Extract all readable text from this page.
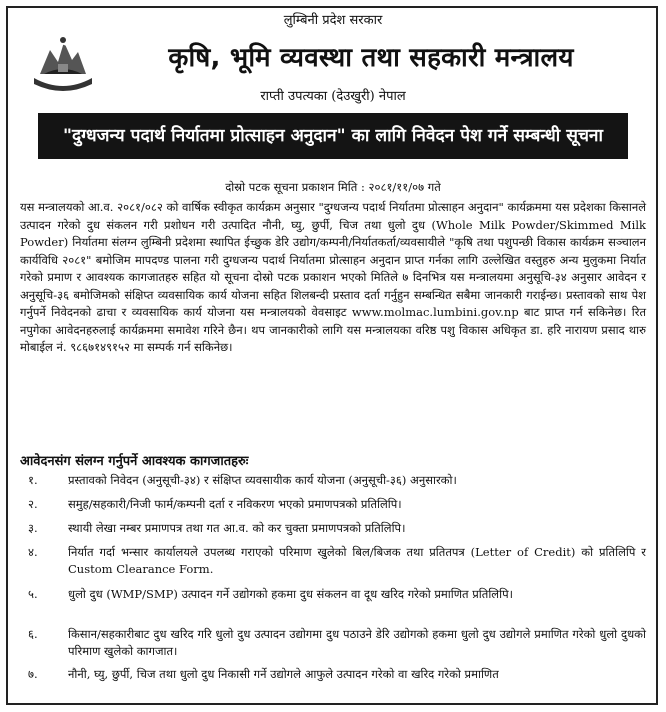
लुम्बिनी प्रदेश सरकार
कृषि, भूमि व्यवस्था तथा सहकारी मन्त्रालय
राप्ती उपत्यका (देउखुरी) नेपाल
"दुग्धजन्य पदार्थ निर्यातमा प्रोत्साहन अनुदान" का लागि निवेदन पेश गर्ने सम्बन्धी सूचना
दोस्रो पटक सूचना प्रकाशन मिति : २०८१/११/०७ गते

यस मन्त्रालयको आ.व. २०८१/०८२ को वार्षिक स्वीकृत कार्यक्रम अनुसार "दुग्धजन्य पदार्थ निर्यातमा प्रोत्साहन अनुदान" कार्यक्रममा यस प्रदेशका किसानले उत्पादन गरेको दुध संकलन गरी प्रशोधन गरी उत्पादित नौनी, घ्यु, छुर्पी, चिज तथा धुलो दुध (Whole Milk Powder/Skimmed Milk Powder) निर्यातमा संलग्न लुम्बिनी प्रदेशमा स्थापित ईच्छुक डेरि उद्योग/कम्पनी/निर्यातकर्ता/व्यवसायीले "कृषि तथा पशुपन्छी विकास कार्यक्रम सञ्चालन कार्यविधि २०८१" बमोजिम मापदण्ड पालना गरी दुग्धजन्य पदार्थ निर्यातमा प्रोत्साहन अनुदान प्राप्त गर्नका लागि उल्लेखित वस्तुहरु अन्य मुलुकमा निर्यात गरेको प्रमाण र आवश्यक कागजातहरु सहित यो सूचना दोस्रो पटक प्रकाशन भएको मितिले ७ दिनभित्र यस मन्त्रालयमा अनुसूचि-३४ अनुसार आवेदन र अनुसूचि-३६ बमोजिमको संक्षिप्त व्यवसायिक कार्य योजना सहित शिलबन्दी प्रस्ताव दर्ता गर्नुहुन सम्बन्धित सबैमा जानकारी गराईन्छ। प्रस्तावको साथ पेश गर्नुपर्ने निवेदनको ढाचा र व्यवसायिक कार्य योजना यस मन्त्रालयको वेवसाइट www.molmac.lumbini.gov.np बाट प्राप्त गर्न सकिनेछ। रित नपुगेका आवेदनहरुलाई कार्यक्रममा समावेश गरिने छैन। थप जानकारीको लागि यस मन्त्रालयका वरिष्ठ पशु विकास अधिकृत डा. हरि नारायण प्रसाद थारु मोबाईल नं. ९८६७१४९१५२ मा सम्पर्क गर्न सकिनेछ।

आवेदनसंग संलग्न गर्नुपर्ने आवश्यक कागजातहरुः
१.	प्रस्तावको निवेदन (अनुसूची-३४) र संक्षिप्त व्यवसायीक कार्य योजना (अनुसूची-३६) अनुसारको।
२.	समुह/सहकारी/निजी फार्म/कम्पनी दर्ता र नविकरण भएको प्रमाणपत्रको प्रतिलिपि।
३.	स्थायी लेखा नम्बर प्रमाणपत्र तथा गत आ.व. को कर चुक्ता प्रमाणपत्रको प्रतिलिपि।
४.	निर्यात गर्दा भन्सार कार्यालयले उपलब्ध गराएको परिमाण खुलेको बिल/बिजक तथा प्रतितपत्र (Letter of Credit) को प्रतिलिपि र Custom Clearance Form.
५.	धुलो दुध (WMP/SMP) उत्पादन गर्ने उद्योगको हकमा दुध संकलन वा दूध खरिद गरेको प्रमाणित प्रतिलिपि।
६.	किसान/सहकारीबाट दुध खरिद गरि धुलो दुध उत्पादन उद्योगमा दुध पठाउने डेरि उद्योगको हकमा धुलो दुध उद्योगले प्रमाणित गरेको धुलो दुधको परिमाण खुलेको कागजात।
७.	नौनी, घ्यु, छुर्पी, चिज तथा धुलो दुध निकासी गर्ने उद्योगले आफुले उत्पादन गरेको वा खरिद गरेको प्रमाणित
